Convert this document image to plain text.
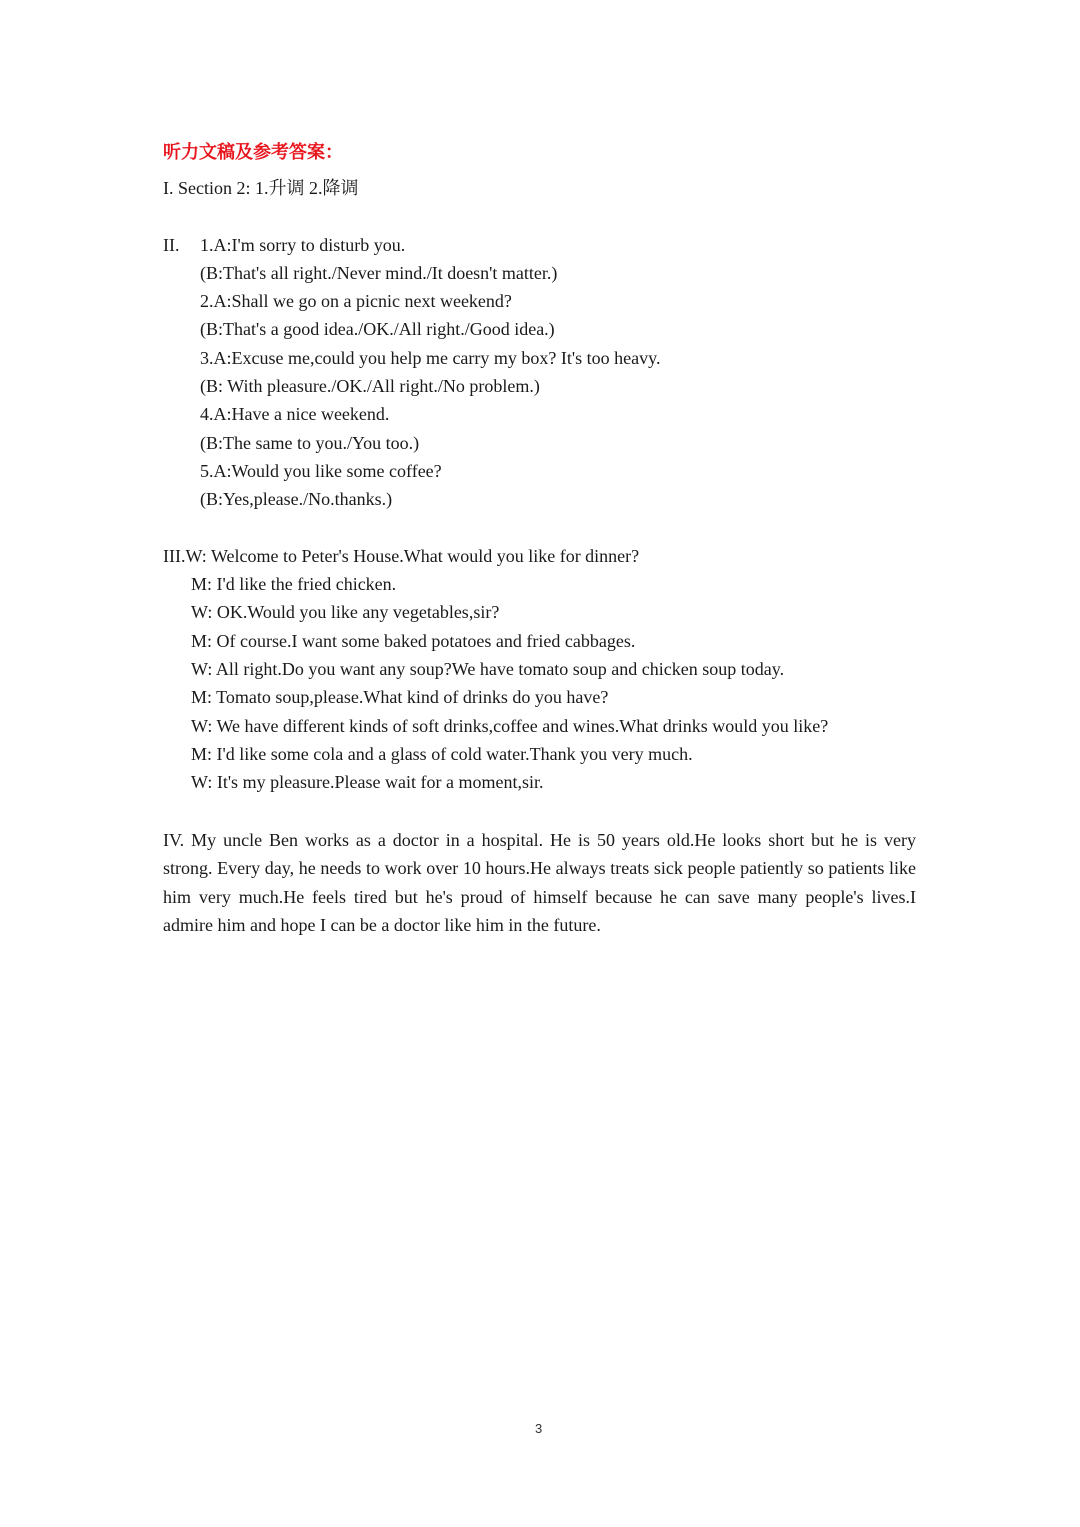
听力文稿及参考答案：
I. Section 2: 1.升调 2.降调
II. 1.A:I'm sorry to disturb you.
(B:That's all right./Never mind./It doesn't matter.)
2.A:Shall we go on a picnic next weekend?
(B:That's a good idea./OK./All right./Good idea.)
3.A:Excuse me,could you help me carry my box? It's too heavy.
(B: With pleasure./OK./All right./No problem.)
4.A:Have a nice weekend.
(B:The same to you./You too.)
5.A:Would you like some coffee?
(B:Yes,please./No.thanks.)
III.W: Welcome to Peter's House.What would you like for dinner?
M: I'd like the fried chicken.
W: OK.Would you like any vegetables,sir?
M: Of course.I want some baked potatoes and fried cabbages.
W: All right.Do you want any soup?We have tomato soup and chicken soup today.
M: Tomato soup,please.What kind of drinks do you have?
W: We have different kinds of soft drinks,coffee and wines.What drinks would you like?
M: I'd like some cola and a glass of cold water.Thank you very much.
W: It's my pleasure.Please wait for a moment,sir.
IV. My uncle Ben works as a doctor in a hospital. He is 50 years old.He looks short but he is very strong. Every day, he needs to work over 10 hours.He always treats sick people patiently so patients like him very much.He feels tired but he's proud of himself because he can save many people's lives.I admire him and hope I can be a doctor like him in the future.
3
